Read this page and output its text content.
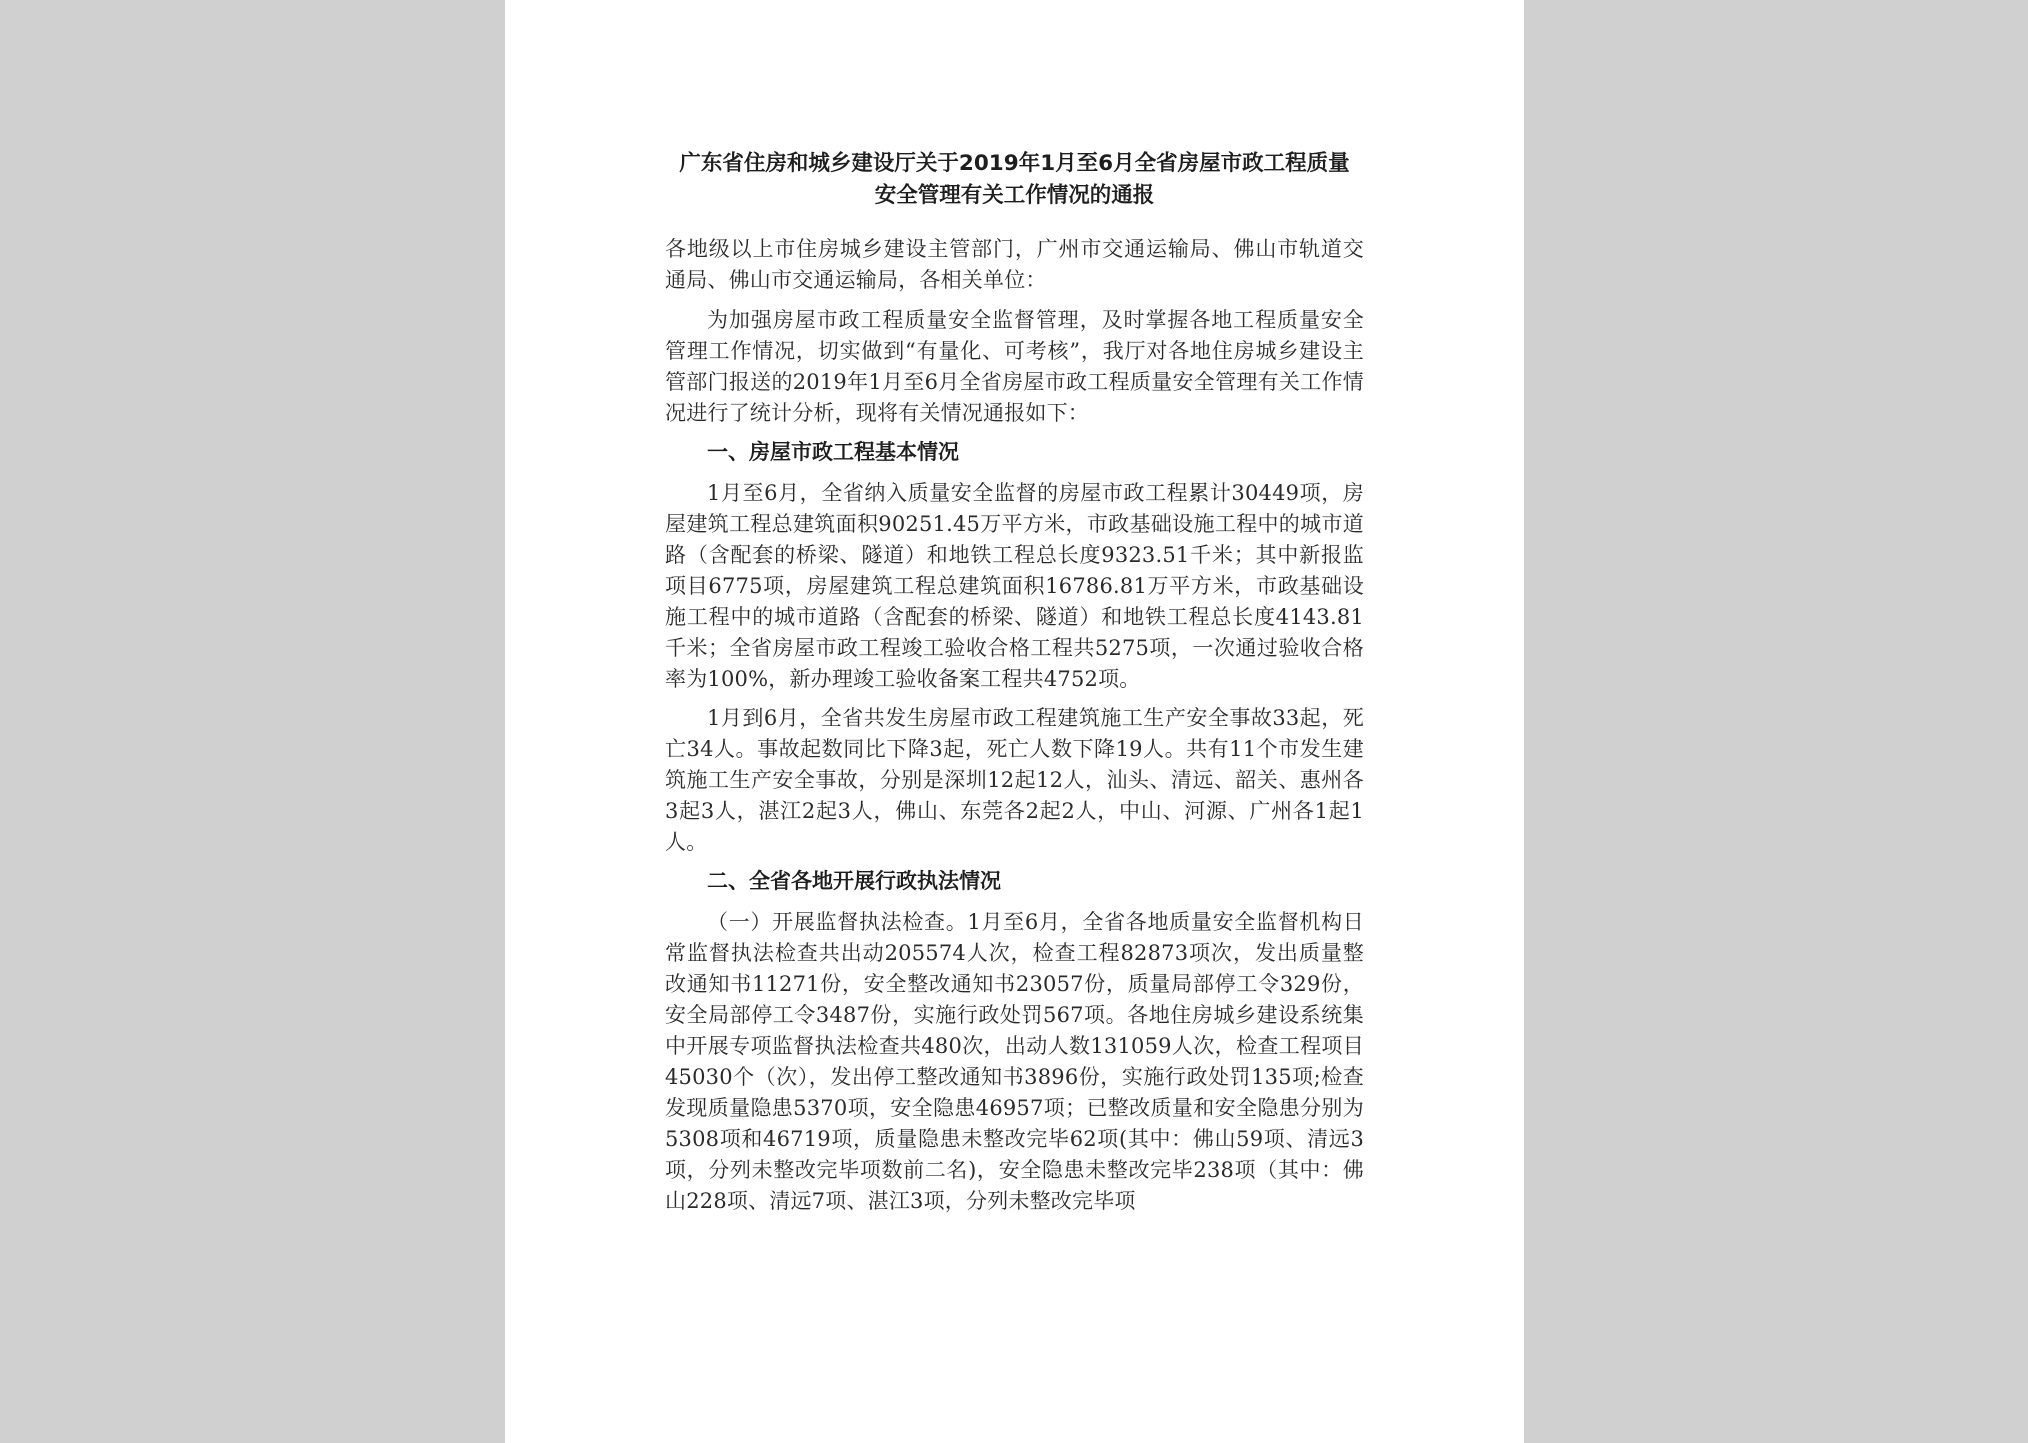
广东省住房和城乡建设厅关于2019年1月至6月全省房屋市政工程质量安全管理有关工作情况的通报

各地级以上市住房城乡建设主管部门，广州市交通运输局、佛山市轨道交通局、佛山市交通运输局，各相关单位：

为加强房屋市政工程质量安全监督管理，及时掌握各地工程质量安全管理工作情况，切实做到“有量化、可考核”，我厅对各地住房城乡建设主管部门报送的2019年1月至6月全省房屋市政工程质量安全管理有关工作情况进行了统计分析，现将有关情况通报如下：

一、房屋市政工程基本情况

1月至6月，全省纳入质量安全监督的房屋市政工程累计30449项，房屋建筑工程总建筑面积90251.45万平方米，市政基础设施工程中的城市道路（含配套的桥梁、隧道）和地铁工程总长度9323.51千米；其中新报监项目6775项，房屋建筑工程总建筑面积16786.81万平方米，市政基础设施工程中的城市道路（含配套的桥梁、隧道）和地铁工程总长度4143.81千米；全省房屋市政工程竣工验收合格工程共5275项，一次通过验收合格率为100%，新办理竣工验收备案工程共4752项。

1月到6月，全省共发生房屋市政工程建筑施工生产安全事故33起，死亡34人。事故起数同比下降3起，死亡人数下降19人。共有11个市发生建筑施工生产安全事故，分别是深圳12起12人，汕头、清远、韶关、惠州各3起3人，湛江2起3人，佛山、东莞各2起2人，中山、河源、广州各1起1人。

二、全省各地开展行政执法情况

（一）开展监督执法检查。1月至6月，全省各地质量安全监督机构日常监督执法检查共出动205574人次，检查工程82873项次，发出质量整改通知书11271份，安全整改通知书23057份，质量局部停工令329份，安全局部停工令3487份，实施行政处罚567项。各地住房城乡建设系统集中开展专项监督执法检查共480次，出动人数131059人次，检查工程项目45030个（次），发出停工整改通知书3896份，实施行政处罚135项;检查发现质量隐患5370项，安全隐患46957项；已整改质量和安全隐患分别为5308项和46719项，质量隐患未整改完毕62项(其中：佛山59项、清远3项，分列未整改完毕项数前二名)，安全隐患未整改完毕238项（其中：佛山228项、清远7项、湛江3项，分列未整改完毕项
